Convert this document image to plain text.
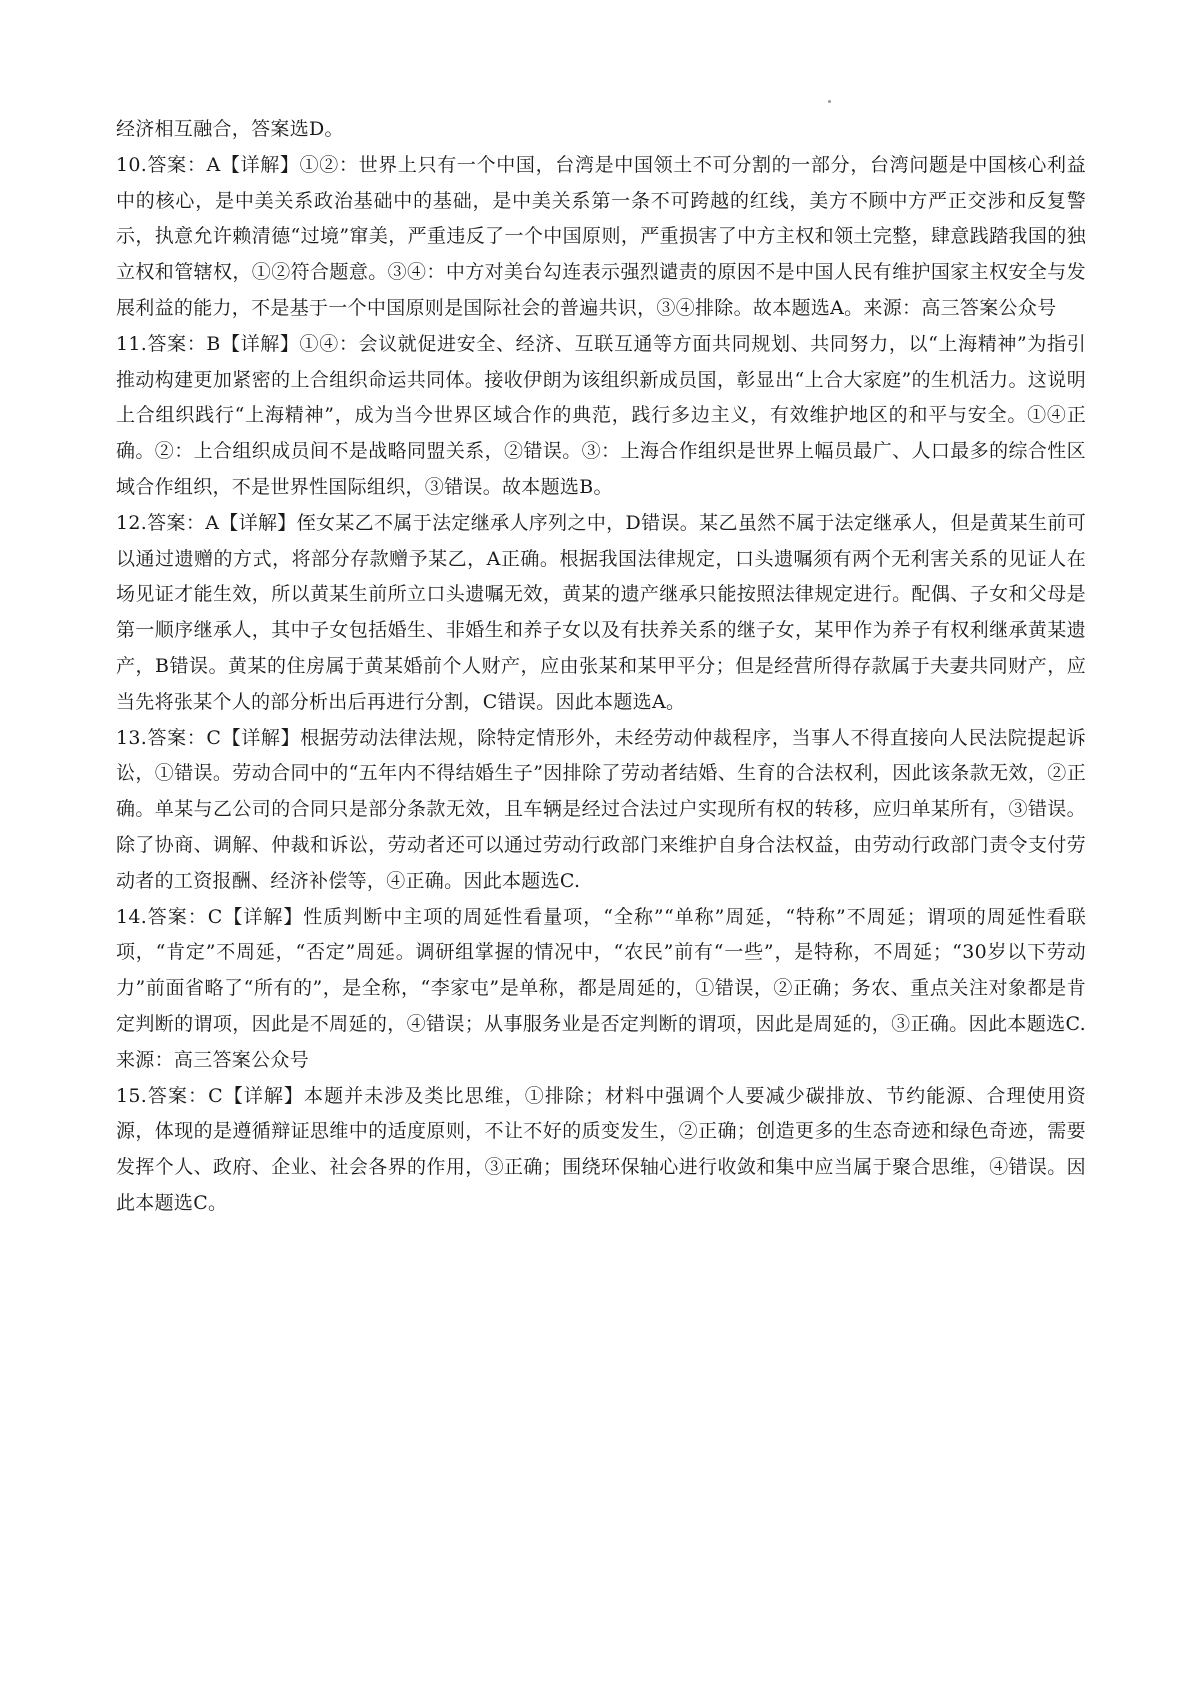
经济相互融合，答案选D。

10.答案：A【详解】①②：世界上只有一个中国，台湾是中国领土不可分割的一部分，台湾问题是中国核心利益中的核心，是中美关系政治基础中的基础，是中美关系第一条不可跨越的红线，美方不顾中方严正交涉和反复警示，执意允许赖清德“过境”窜美，严重违反了一个中国原则，严重损害了中方主权和领土完整，肆意践踏我国的独立权和管辖权，①②符合题意。③④：中方对美台勾连表示强烈谴责的原因不是中国人民有维护国家主权安全与发展利益的能力，不是基于一个中国原则是国际社会的普遍共识，③④排除。故本题选A。来源：高三答案公众号

11.答案：B【详解】①④：会议就促进安全、经济、互联互通等方面共同规划、共同努力，以“上海精神”为指引推动构建更加紧密的上合组织命运共同体。接收伊朗为该组织新成员国，彰显出“上合大家庭”的生机活力。这说明上合组织践行“上海精神”，成为当今世界区域合作的典范，践行多边主义，有效维护地区的和平与安全。①④正确。②：上合组织成员间不是战略同盟关系，②错误。③：上海合作组织是世界上幅员最广、人口最多的综合性区域合作组织，不是世界性国际组织，③错误。故本题选B。

12.答案：A【详解】侄女某乙不属于法定继承人序列之中，D错误。某乙虽然不属于法定继承人，但是黄某生前可以通过遗赠的方式，将部分存款赠予某乙，A正确。根据我国法律规定，口头遗嘱须有两个无利害关系的见证人在场见证才能生效，所以黄某生前所立口头遗嘱无效，黄某的遗产继承只能按照法律规定进行。配偶、子女和父母是第一顺序继承人，其中子女包括婚生、非婚生和养子女以及有扶养关系的继子女，某甲作为养子有权利继承黄某遗产，B错误。黄某的住房属于黄某婚前个人财产，应由张某和某甲平分；但是经营所得存款属于夫妻共同财产，应当先将张某个人的部分析出后再进行分割，C错误。因此本题选A。

13.答案：C【详解】根据劳动法律法规，除特定情形外，未经劳动仲裁程序，当事人不得直接向人民法院提起诉讼，①错误。劳动合同中的“五年内不得结婚生子”因排除了劳动者结婚、生育的合法权利，因此该条款无效，②正确。单某与乙公司的合同只是部分条款无效，且车辆是经过合法过户实现所有权的转移，应归单某所有，③错误。除了协商、调解、仲裁和诉讼，劳动者还可以通过劳动行政部门来维护自身合法权益，由劳动行政部门责令支付劳动者的工资报酬、经济补偿等，④正确。因此本题选C.

14.答案：C【详解】性质判断中主项的周延性看量项，“全称”“单称”周延，“特称”不周延；谓项的周延性看联项，“肯定”不周延，“否定”周延。调研组掌握的情况中，“农民”前有“一些”，是特称，不周延；“30岁以下劳动力”前面省略了“所有的”，是全称，“李家屯”是单称，都是周延的，①错误，②正确；务农、重点关注对象都是肯定判断的谓项，因此是不周延的，④错误；从事服务业是否定判断的谓项，因此是周延的，③正确。因此本题选C.来源：高三答案公众号

15.答案：C【详解】本题并未涉及类比思维，①排除；材料中强调个人要减少碳排放、节约能源、合理使用资源，体现的是遵循辩证思维中的适度原则，不让不好的质变发生，②正确；创造更多的生态奇迹和绿色奇迹，需要发挥个人、政府、企业、社会各界的作用，③正确；围绕环保轴心进行收敛和集中应当属于聚合思维，④错误。因此本题选C。
